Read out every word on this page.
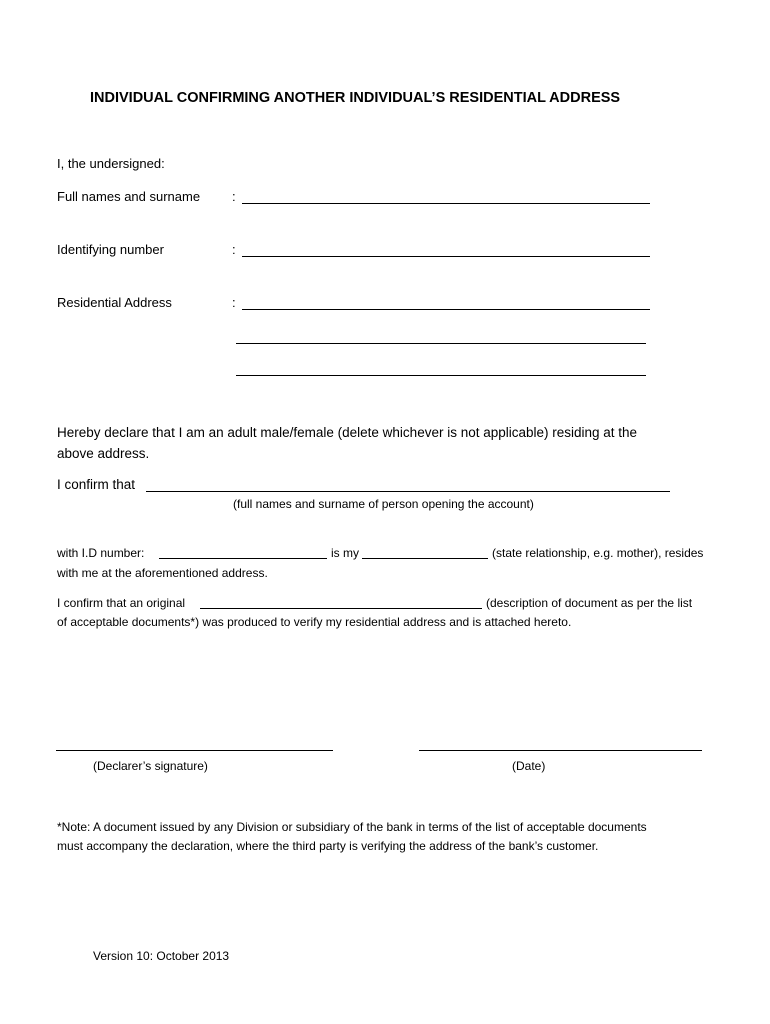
INDIVIDUAL CONFIRMING ANOTHER INDIVIDUAL’S RESIDENTIAL ADDRESS
I, the undersigned:
Full names and surname :
Identifying number	:
Residential Address	:
Hereby declare that I am an adult male/female (delete whichever is not applicable) residing at the
above address.
I confirm that
(full names and surname of person opening the account)
with I.D number:	is my	(state relationship, e.g. mother), resides
with me at the aforementioned address.
I confirm that an original	(description of document as per the list
of acceptable documents*) was produced to verify my residential address and is attached hereto.
(Declarer’s signature)	(Date)
*Note: A document issued by any Division or subsidiary of the bank in terms of the list of acceptable documents
must accompany the declaration, where the third party is verifying the address of the bank’s customer.
Version 10: October 2013
